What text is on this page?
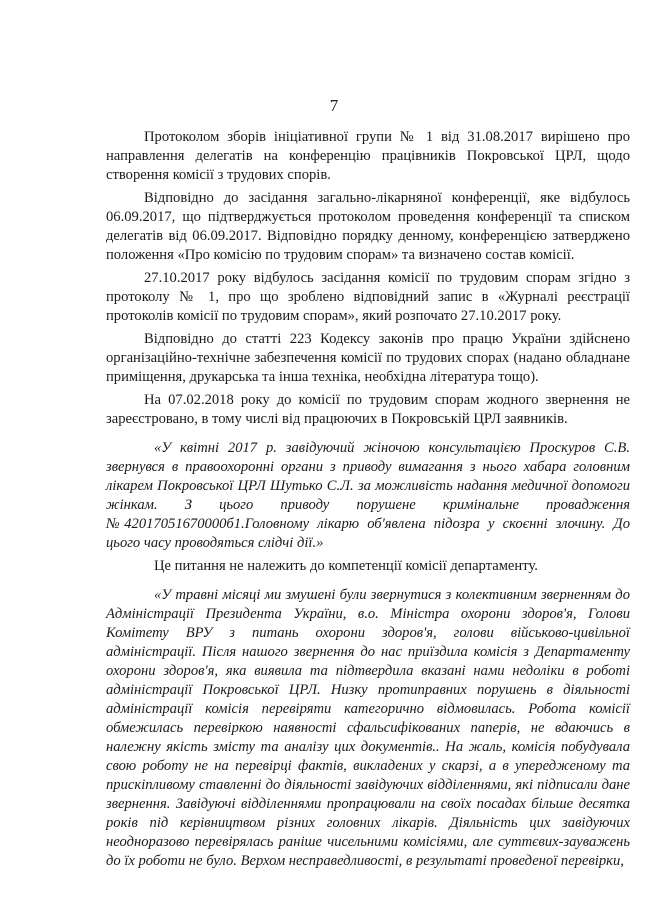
7

Протоколом зборів ініціативної групи № 1 від 31.08.2017 вирішено про направлення делегатів на конференцію працівників Покровської ЦРЛ, щодо створення комісії з трудових спорів.

Відповідно до засідання загально-лікарняної конференції, яке відбулось 06.09.2017, що підтверджується протоколом проведення конференції та списком делегатів від 06.09.2017. Відповідно порядку денному, конференцією затверджено положення «Про комісію по трудовим спорам» та визначено состав комісії.

27.10.2017 року відбулось засідання комісії по трудовим спорам згідно з протоколу № 1, про що зроблено відповідний запис в «Журналі реєстрації протоколів комісії по трудовим спорам», який розпочато 27.10.2017 року.

Відповідно до статті 223 Кодексу законів про працю України здійснено організаційно-технічне забезпечення комісії по трудових спорах (надано обладнане приміщення, друкарська та інша техніка, необхідна література тощо).

На 07.02.2018 року до комісії по трудовим спорам жодного звернення не зареєстровано, в тому числі від працюючих в Покровській ЦРЛ заявників.

«У квітні 2017 р. завідуючий жіночою консультацією Проскуров С.В. звернувся в правоохоронні органи з приводу вимагання з нього хабара головним лікарем Покровської ЦРЛ Шутько С.Л. за можливість надання медичної допомоги жінкам. З цього приводу порушене кримінальне провадження №42017051670000б1.Головному лікарю об'явлена підозра у скоєнні злочину. До цього часу проводяться слідчі дії.»

Це питання не належить до компетенції комісії департаменту.

«У травні місяці ми змушені були звернутися з колективним зверненням до Адміністрації Президента України, в.о. Міністра охорони здоров'я, Голови Комітету ВРУ з питань охорони здоров'я, голови військово-цивільної адміністрації. Після нашого звернення до нас приїздила комісія з Департаменту охорони здоров'я, яка виявила та підтвердила вказані нами недоліки в роботі адміністрації Покровської ЦРЛ. Низку протиправних порушень в діяльності адміністрації комісія перевіряти категорично відмовилась. Робота комісії обмежилась перевіркою наявності сфальсифікованих паперів, не вдаючись в належну якість змісту та аналізу цих документів.. На жаль, комісія побудувала свою роботу не на перевірці фактів, викладених у скарзі, а в упередженому та прискіпливому ставленні до діяльності завідуючих відділеннями, які підписали дане звернення. Завідуючі відділеннями пропрацювали на своїх посадах більше десятка років під керівництвом різних головних лікарів. Діяльність цих завідуючих неодноразово перевірялась раніше чисельними комісіями, але суттєвих-зауважень до їх роботи не було. Верхом несправедливості, в результаті проведеної перевірки,
